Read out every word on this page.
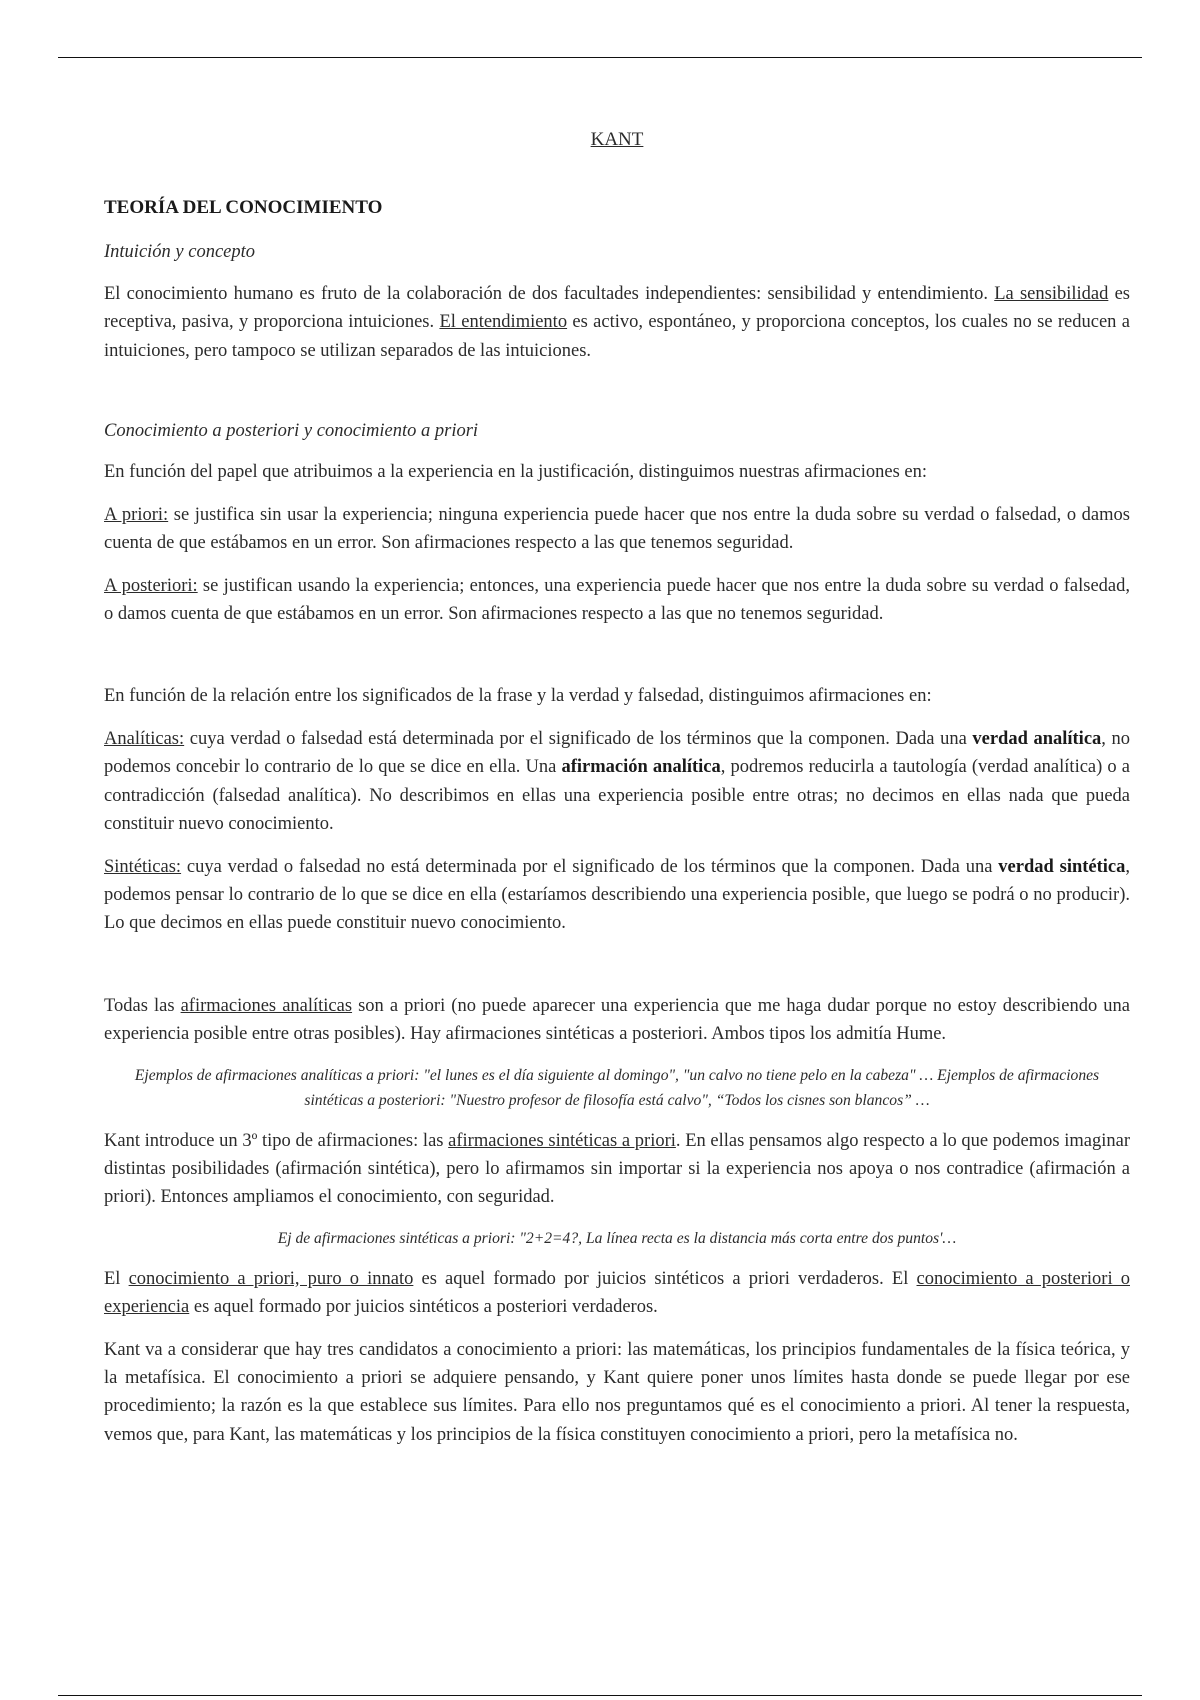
KANT
TEORÍA DEL CONOCIMIENTO
Intuición y concepto

El conocimiento humano es fruto de la colaboración de dos facultades independientes: sensibilidad y entendimiento. La sensibilidad es receptiva, pasiva, y proporciona intuiciones. El entendimiento es activo, espontáneo, y proporciona conceptos, los cuales no se reducen a intuiciones, pero tampoco se utilizan separados de las intuiciones.

Conocimiento a posteriori y conocimiento a priori

En función del papel que atribuimos a la experiencia en la justificación, distinguimos nuestras afirmaciones en:

A priori: se justifica sin usar la experiencia; ninguna experiencia puede hacer que nos entre la duda sobre su verdad o falsedad, o damos cuenta de que estábamos en un error. Son afirmaciones respecto a las que tenemos seguridad.

A posteriori: se justifican usando la experiencia; entonces, una experiencia puede hacer que nos entre la duda sobre su verdad o falsedad, o damos cuenta de que estábamos en un error. Son afirmaciones respecto a las que no tenemos seguridad.

En función de la relación entre los significados de la frase y la verdad y falsedad, distinguimos afirmaciones en:

Analíticas: cuya verdad o falsedad está determinada por el significado de los términos que la componen. Dada una verdad analítica, no podemos concebir lo contrario de lo que se dice en ella. Una afirmación analítica, podremos reducirla a tautología (verdad analítica) o a contradicción (falsedad analítica). No describimos en ellas una experiencia posible entre otras; no decimos en ellas nada que pueda constituir nuevo conocimiento.

Sintéticas: cuya verdad o falsedad no está determinada por el significado de los términos que la componen. Dada una verdad sintética, podemos pensar lo contrario de lo que se dice en ella (estaríamos describiendo una experiencia posible, que luego se podrá o no producir). Lo que decimos en ellas puede constituir nuevo conocimiento.

Todas las afirmaciones analíticas son a priori (no puede aparecer una experiencia que me haga dudar porque no estoy describiendo una experiencia posible entre otras posibles). Hay afirmaciones sintéticas a posteriori. Ambos tipos los admitía Hume.

Ejemplos de afirmaciones analíticas a priori: "el lunes es el día siguiente al domingo", "un calvo no tiene pelo en la cabeza" … Ejemplos de afirmaciones sintéticas a posteriori: "Nuestro profesor de filosofía está calvo", “Todos los cisnes son blancos” …

Kant introduce un 3º tipo de afirmaciones: las afirmaciones sintéticas a priori. En ellas pensamos algo respecto a lo que podemos imaginar distintas posibilidades (afirmación sintética), pero lo afirmamos sin importar si la experiencia nos apoya o nos contradice (afirmación a priori). Entonces ampliamos el conocimiento, con seguridad.

Ej de afirmaciones sintéticas a priori: "2+2=4?, La línea recta es la distancia más corta entre dos puntos'…

El conocimiento a priori, puro o innato es aquel formado por juicios sintéticos a priori verdaderos. El conocimiento a posteriori o experiencia es aquel formado por juicios sintéticos a posteriori verdaderos.

Kant va a considerar que hay tres candidatos a conocimiento a priori: las matemáticas, los principios fundamentales de la física teórica, y la metafísica. El conocimiento a priori se adquiere pensando, y Kant quiere poner unos límites hasta donde se puede llegar por ese procedimiento; la razón es la que establece sus límites. Para ello nos preguntamos qué es el conocimiento a priori. Al tener la respuesta, vemos que, para Kant, las matemáticas y los principios de la física constituyen conocimiento a priori, pero la metafísica no.
